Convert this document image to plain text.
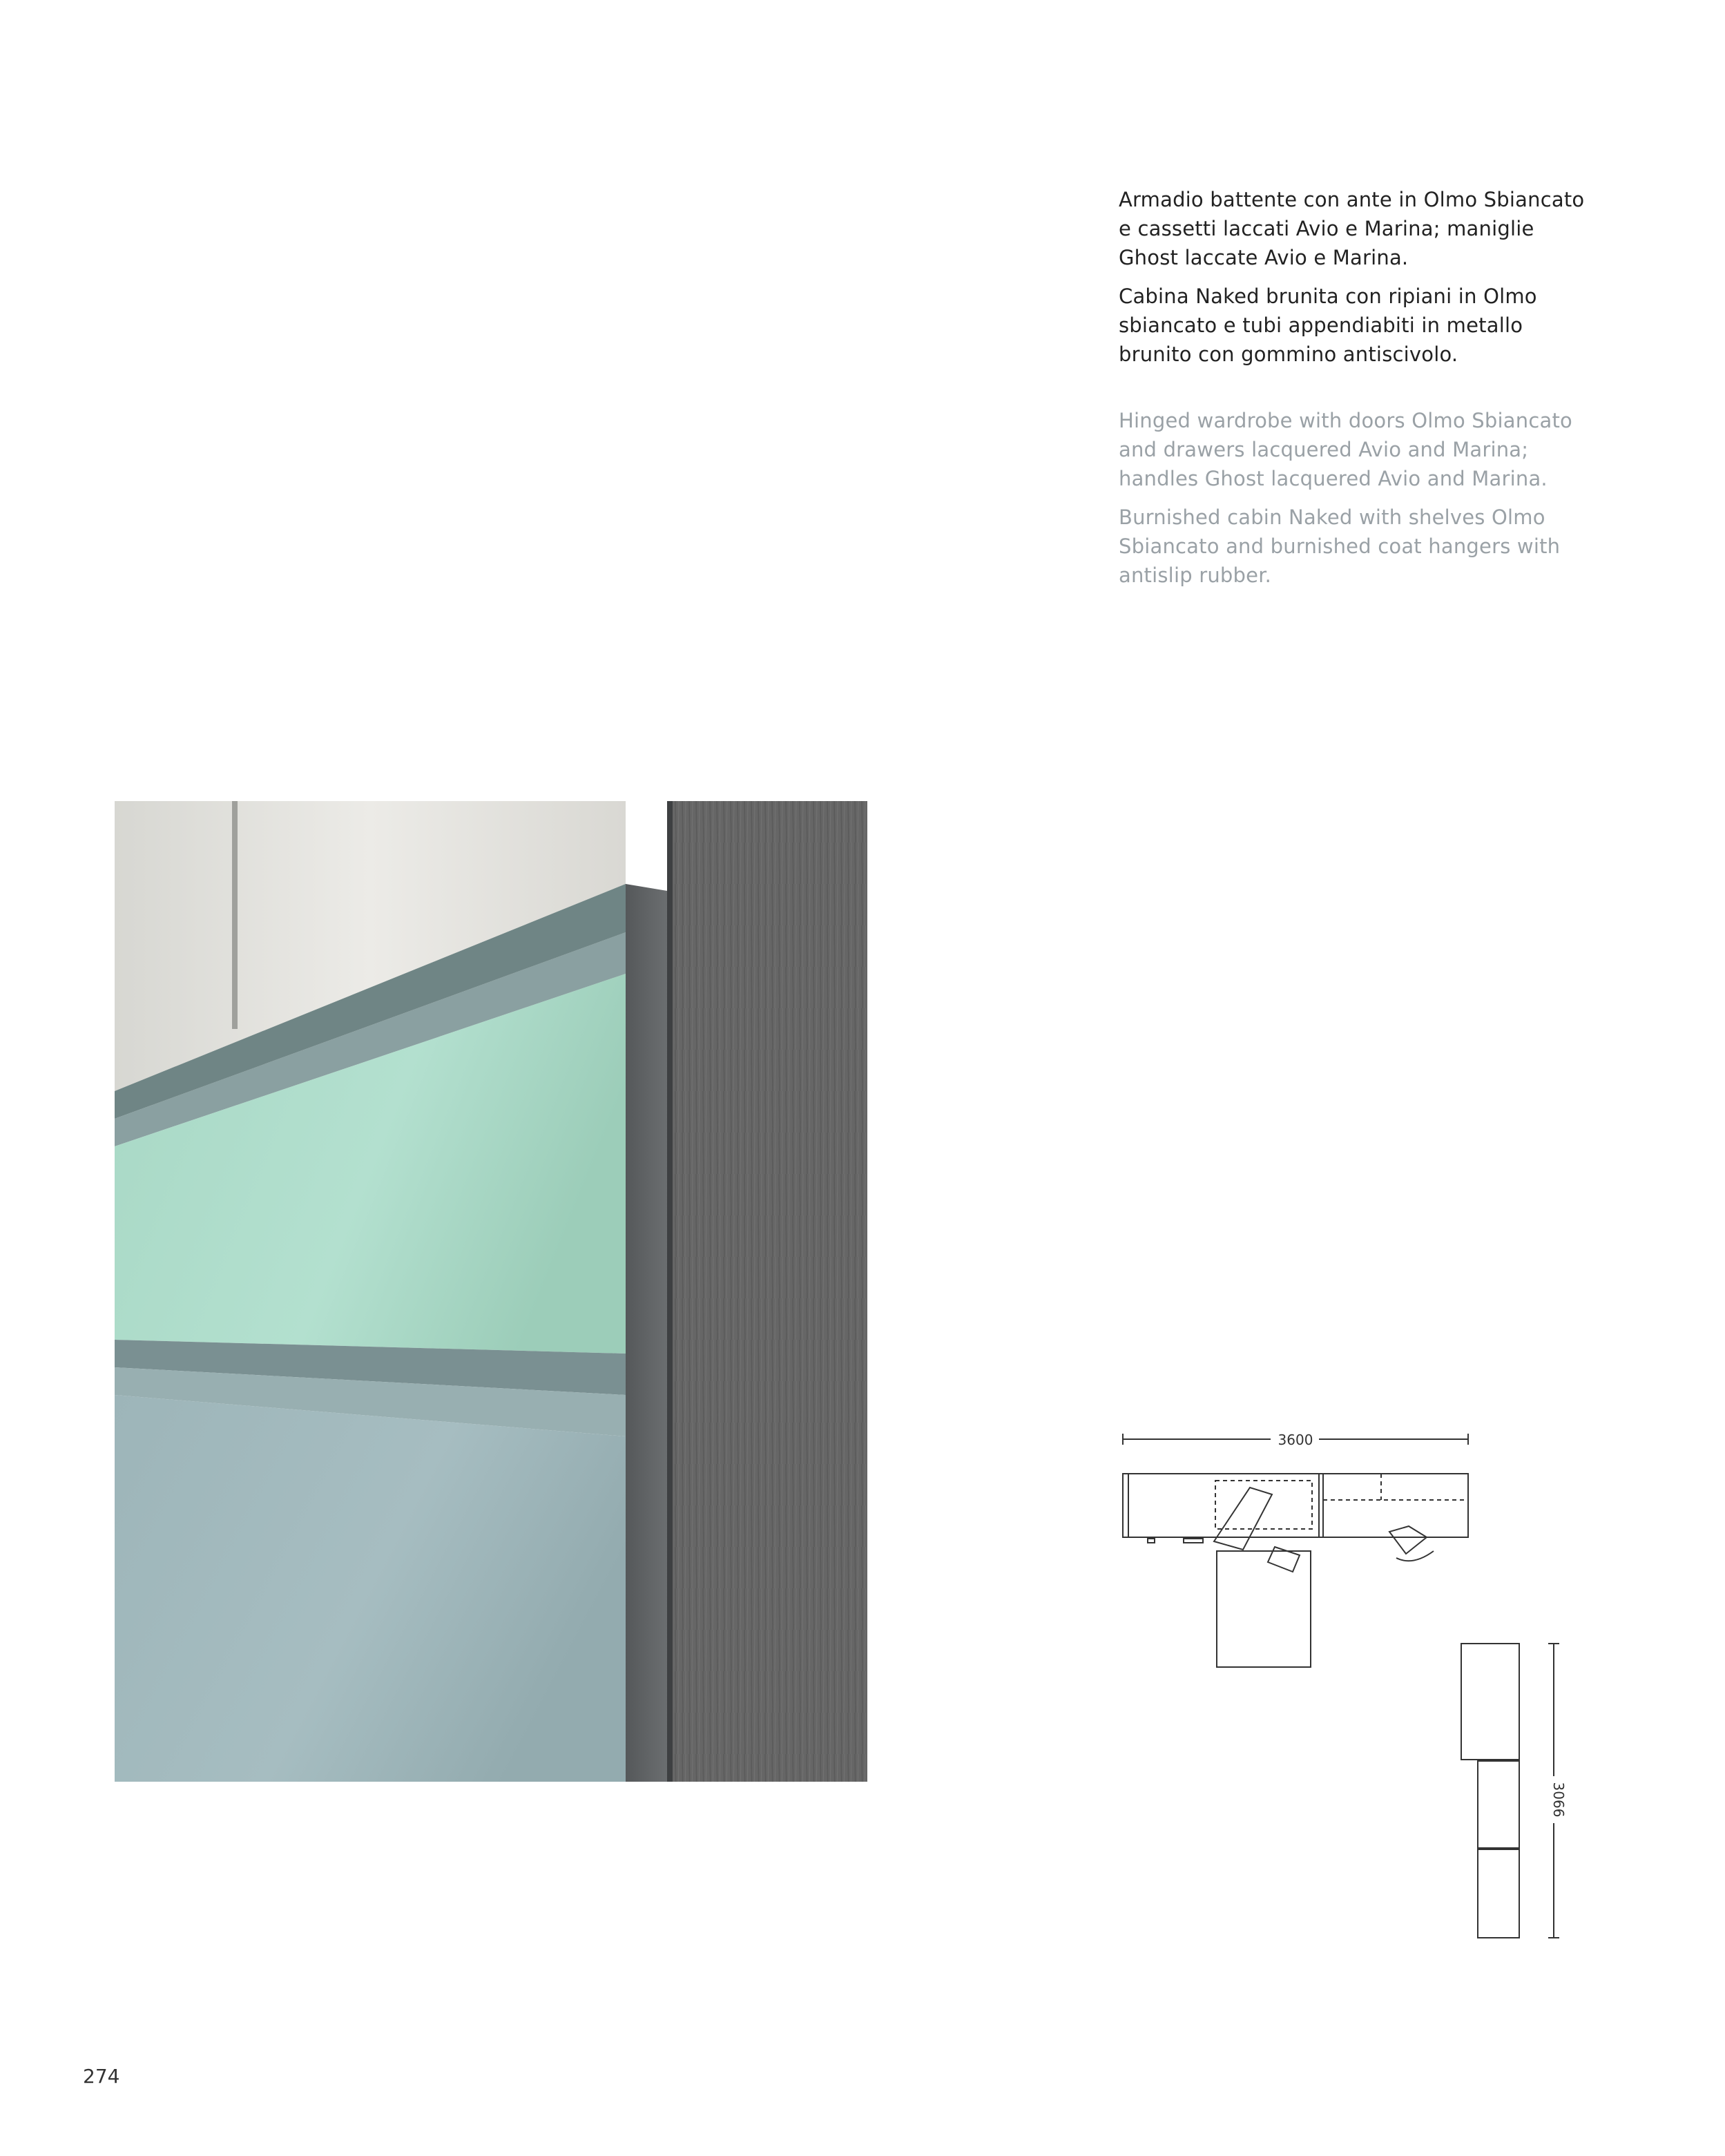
Armadio battente con ante in Olmo Sbiancato e cassetti laccati Avio e Marina; maniglie Ghost laccate Avio e Marina.

Cabina Naked brunita con ripiani in Olmo sbiancato e tubi appendiabiti in metallo brunito con gommino antiscivolo.

Hinged wardrobe with doors Olmo Sbiancato and drawers lacquered Avio and Marina; handles Ghost lacquered Avio and Marina.

Burnished cabin Naked with shelves Olmo Sbiancato and burnished coat hangers with antislip rubber.

3600
3066
274
